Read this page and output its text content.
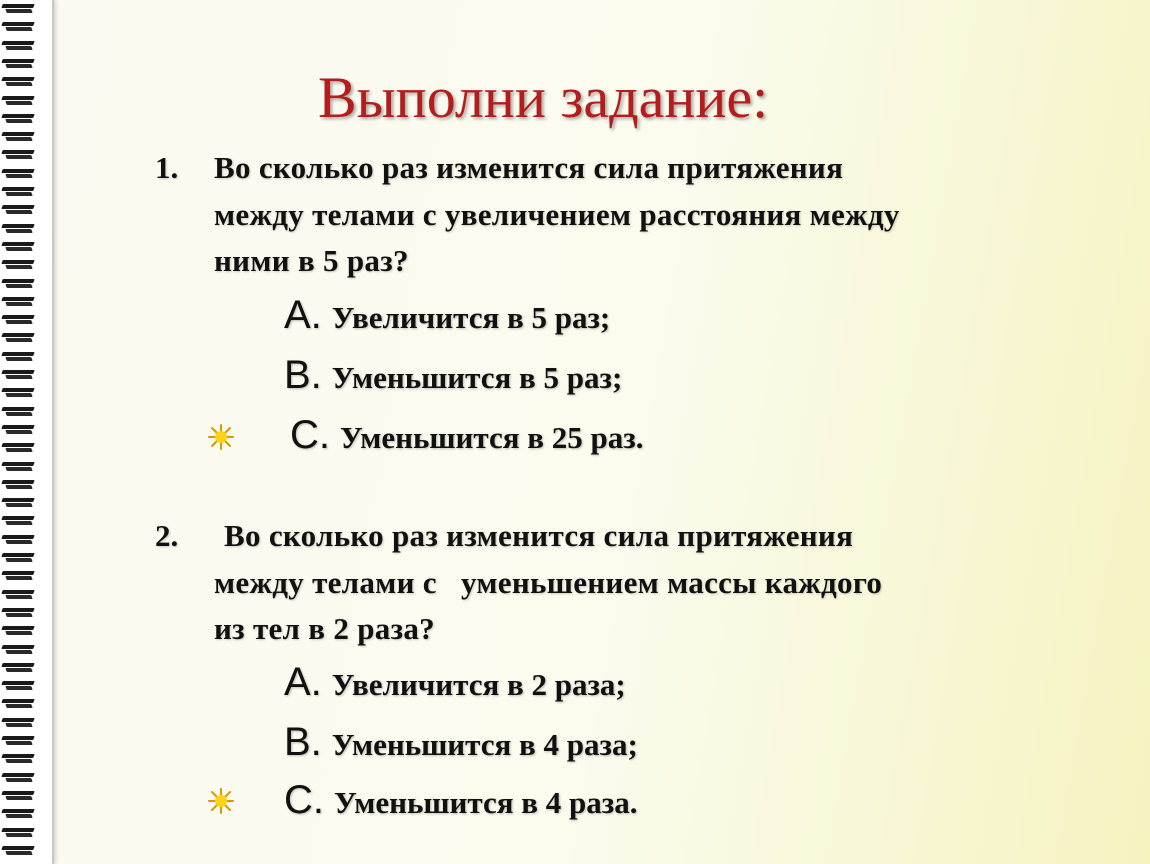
Выполни задание:
1. Во сколько раз изменится сила притяжения
между телами с увеличением расстояния между
ними в 5 раз?
A. Увеличится в 5 раз;
B. Уменьшится в 5 раз;
C. Уменьшится в 25 раз.
2. Во сколько раз изменится сила притяжения
между телами с   уменьшением массы каждого
из тел в 2 раза?
A. Увеличится в 2 раза;
B. Уменьшится в 4 раза;
C. Уменьшится в 4 раза.
